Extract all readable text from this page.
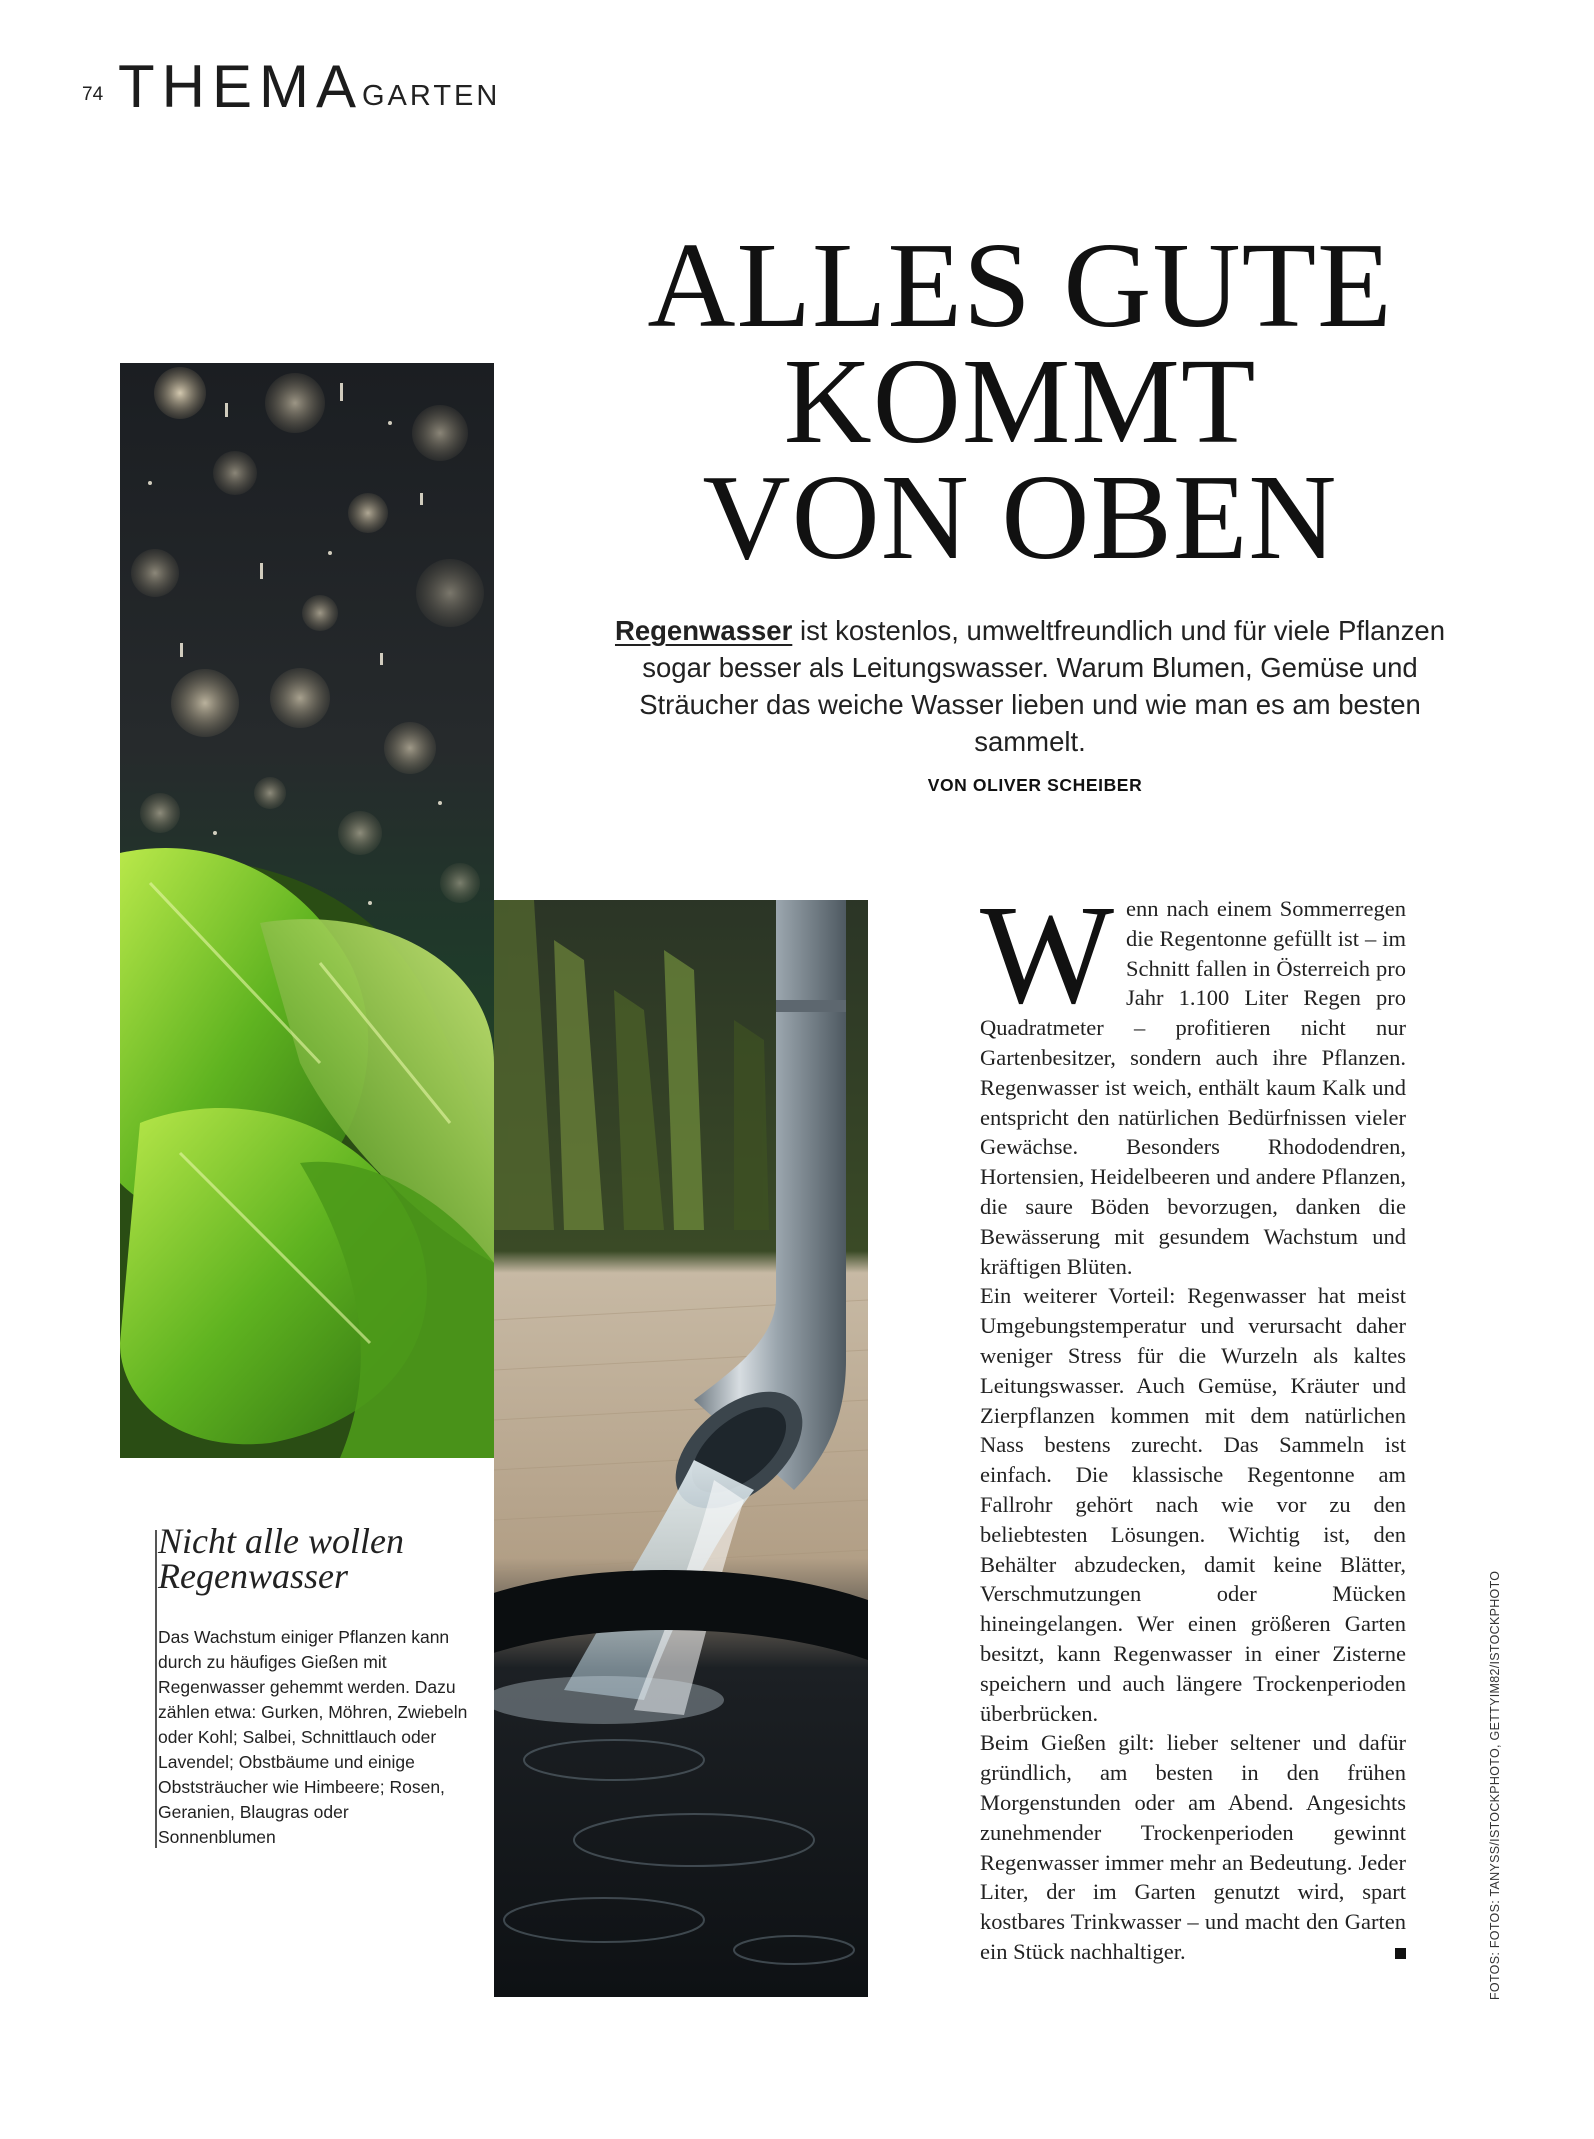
74 THEMA GARTEN
ALLES GUTE
KOMMT
VON OBEN
Regenwasser ist kostenlos, umweltfreundlich und für viele Pflanzen sogar besser als Leitungswasser. Warum Blumen, Gemüse und Sträucher das weiche Wasser lieben und wie man es am besten sammelt.
VON OLIVER SCHEIBER
Nicht alle wollen Regenwasser
Das Wachstum einiger Pflanzen kann durch zu häufiges Gießen mit Regenwasser gehemmt werden. Dazu zählen etwa: Gurken, Möhren, Zwiebeln oder Kohl; Salbei, Schnittlauch oder Lavendel; Obstbäume und einige Obststräucher wie Himbeere; Rosen, Geranien, Blaugras oder Sonnenblumen
W enn nach einem Sommerregen die Regentonne gefüllt ist – im Schnitt fallen in Österreich pro Jahr 1.100 Liter Regen pro Quadratmeter – profitieren nicht nur Gartenbesitzer, sondern auch ihre Pflanzen. Regenwasser ist weich, enthält kaum Kalk und entspricht den natürlichen Bedürfnissen vieler Gewächse. Besonders Rhododendren, Hortensien, Heidelbeeren und andere Pflanzen, die saure Böden bevorzugen, danken die Bewässerung mit gesundem Wachstum und kräftigen Blüten.

Ein weiterer Vorteil: Regenwasser hat meist Umgebungstemperatur und verursacht daher weniger Stress für die Wurzeln als kaltes Leitungswasser. Auch Gemüse, Kräuter und Zierpflanzen kommen mit dem natürlichen Nass bestens zurecht. Das Sammeln ist einfach. Die klassische Regentonne am Fallrohr gehört nach wie vor zu den beliebtesten Lösungen. Wichtig ist, den Behälter abzudecken, damit keine Blätter, Verschmutzungen oder Mücken hineingelangen. Wer einen größeren Garten besitzt, kann Regenwasser in einer Zisterne speichern und auch längere Trockenperioden überbrücken.

Beim Gießen gilt: lieber seltener und dafür gründlich, am besten in den frühen Morgenstunden oder am Abend. Angesichts zunehmender Trockenperioden gewinnt Regenwasser immer mehr an Bedeutung. Jeder Liter, der im Garten genutzt wird, spart kostbares Trinkwasser – und macht den Garten ein Stück nachhaltiger.	FOTOS: FOTOS: TANYSS/ISTOCKPHOTO, GETTYIM82/ISTOCKPHOTO
